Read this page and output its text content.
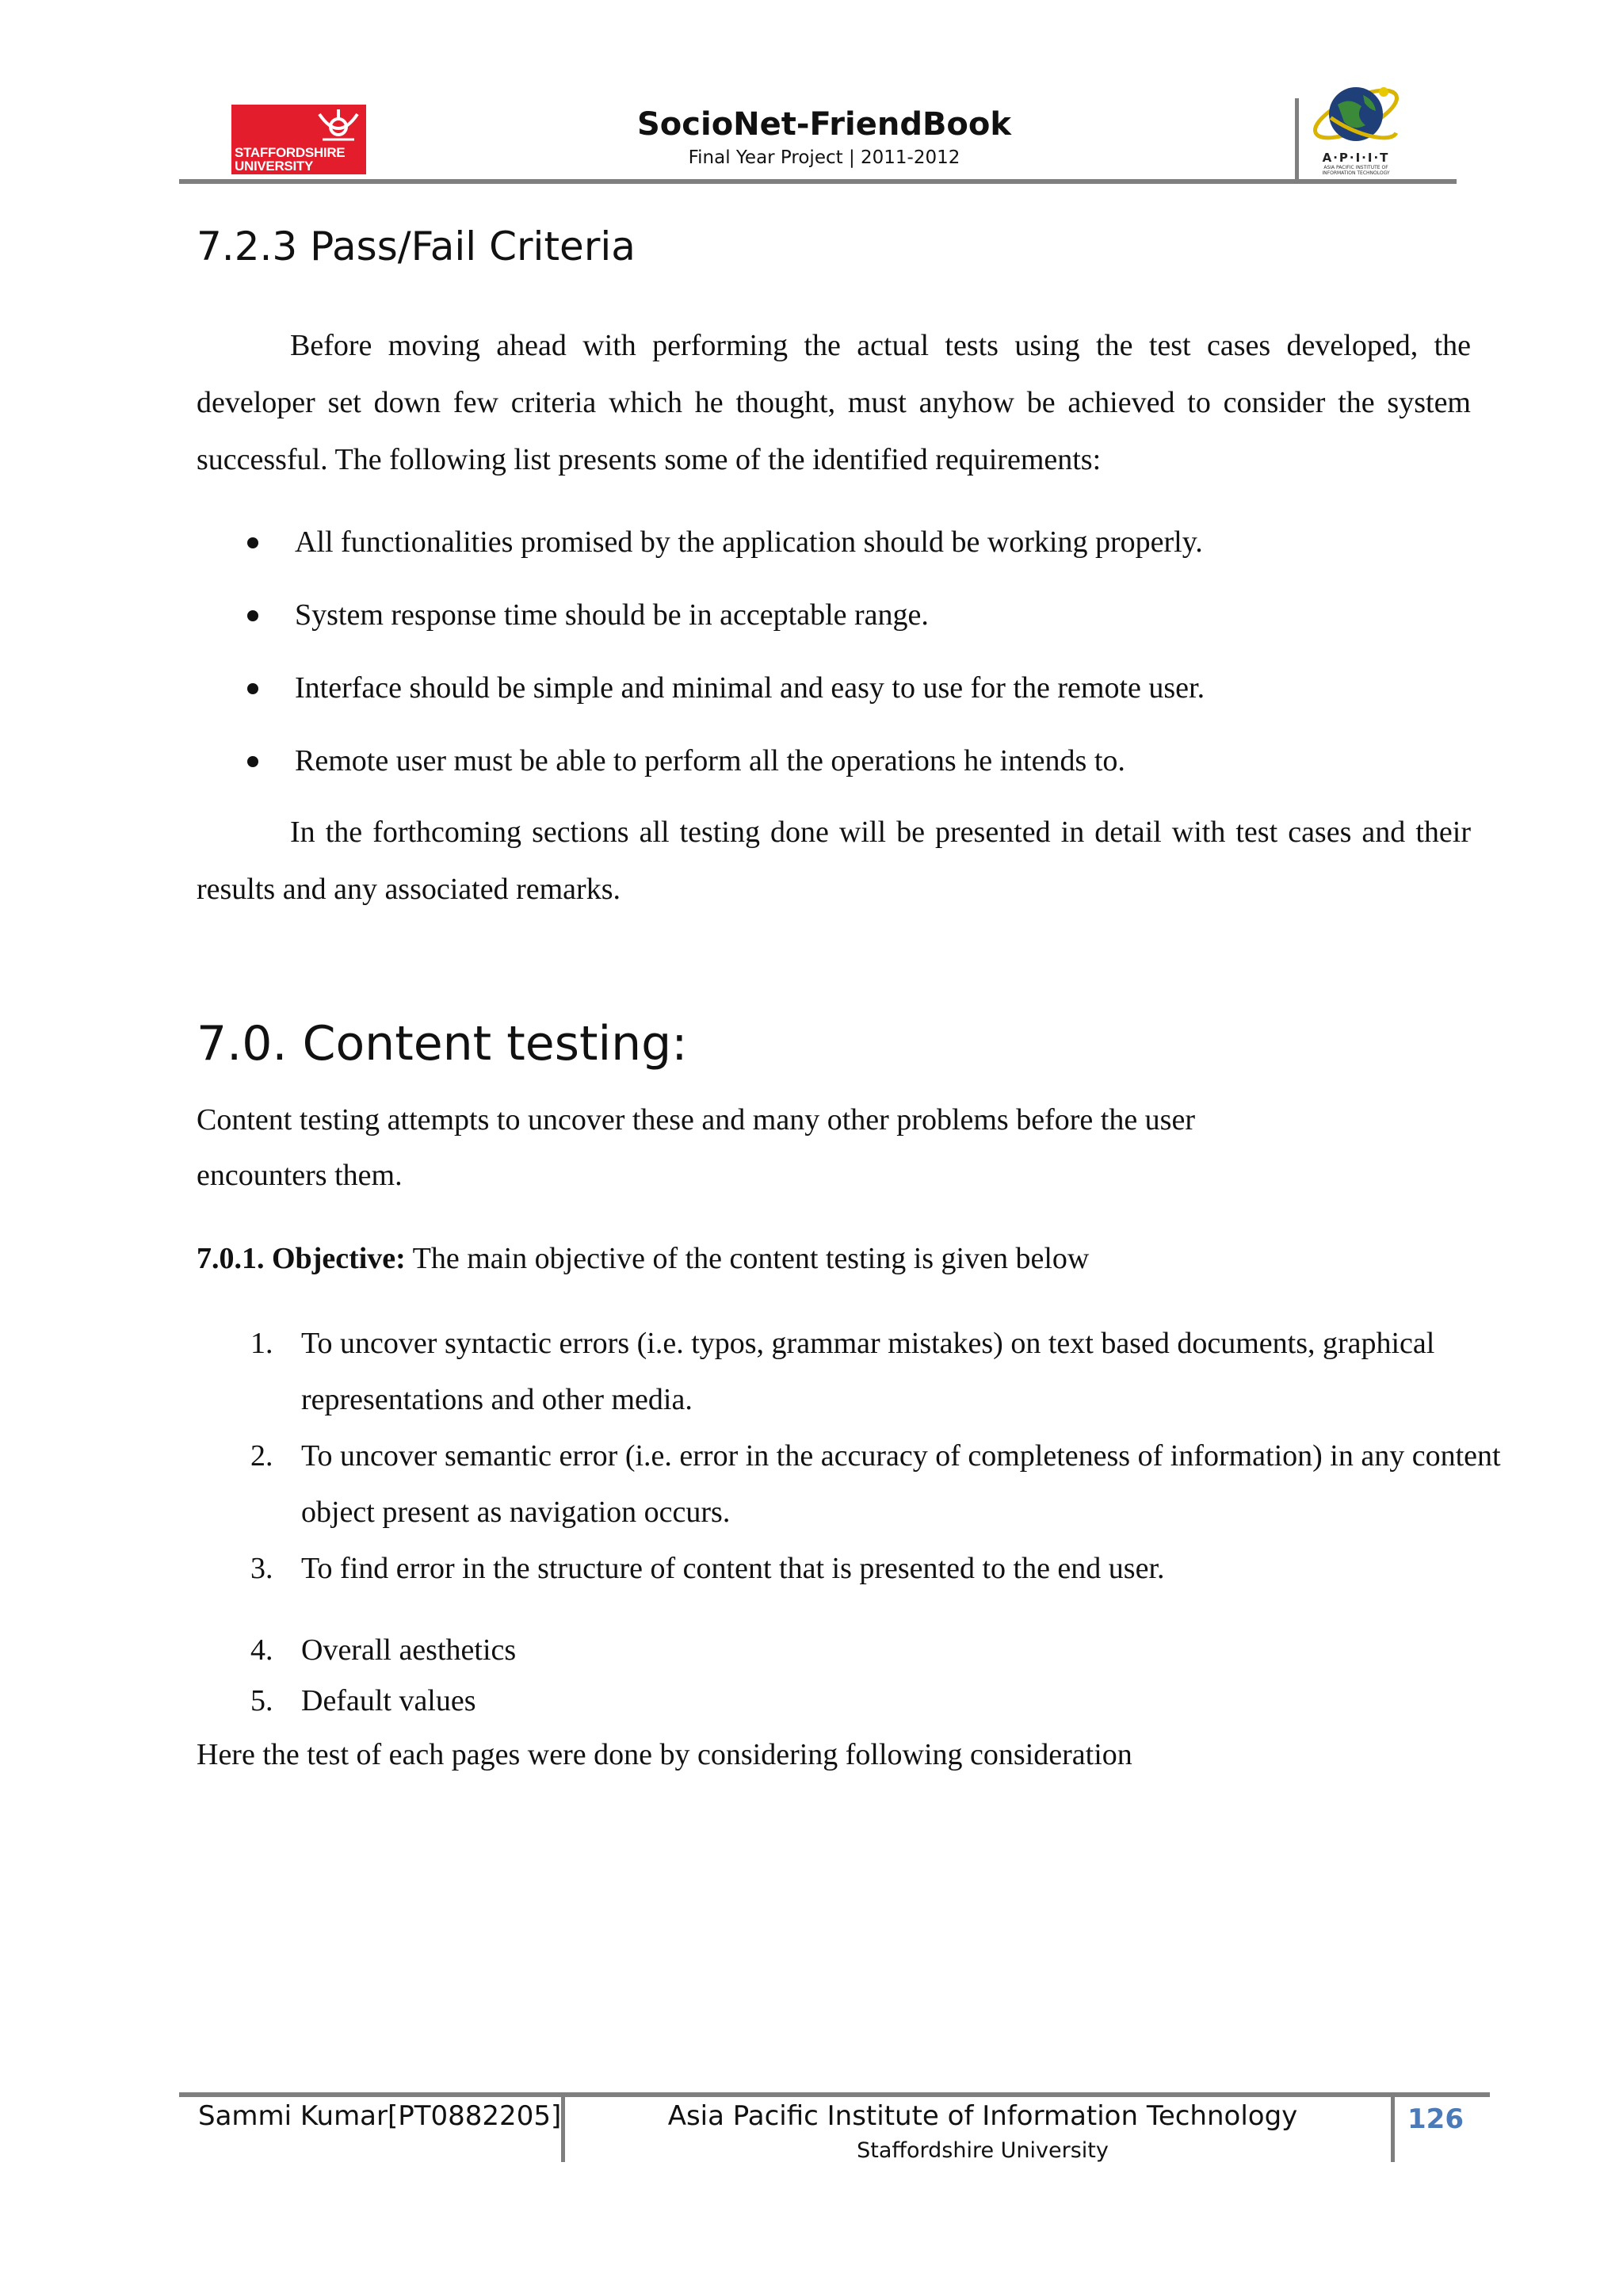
STAFFORDSHIRE
UNIVERSITY
SocioNet-FriendBook
Final Year Project | 2011-2012	A·P·I·I·T
ASIA PACIFIC INSTITUTE OF
INFORMATION TECHNOLOGY
7.2.3 Pass/Fail Criteria

Before moving ahead with performing the actual tests using the test cases developed, the developer set down few criteria which he thought, must anyhow be achieved to consider the system successful. The following list presents some of the identified requirements:

All functionalities promised by the application should be working properly.
System response time should be in acceptable range.
Interface should be simple and minimal and easy to use for the remote user.
Remote user must be able to perform all the operations he intends to.

In the forthcoming sections all testing done will be presented in detail with test cases and their results and any associated remarks.

7.0. Content testing:

Content testing attempts to uncover these and many other problems before the user encounters them.

7.0.1. Objective: The main objective of the content testing is given below

1. To uncover syntactic errors (i.e. typos, grammar mistakes) on text based documents, graphical representations and other media.
2. To uncover semantic error (i.e. error in the accuracy of completeness of information) in any content object present as navigation occurs.
3. To find error in the structure of content that is presented to the end user.
4. Overall aesthetics
5. Default values

Here the test of each pages were done by considering following consideration

Sammi Kumar[PT0882205]	Asia Pacific Institute of Information Technology
Staffordshire University
126
